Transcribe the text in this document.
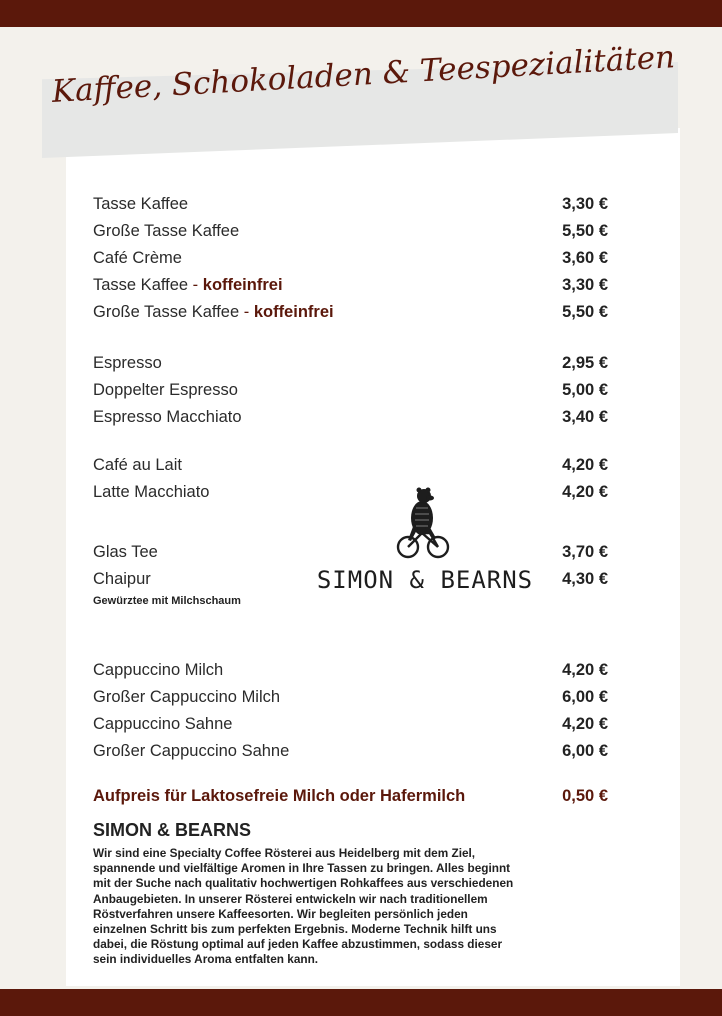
Kaffee, Schokoladen & Teespezialitäten
Tasse Kaffee	3,30 €
Große Tasse Kaffee	5,50 €
Café Crème	3,60 €
Tasse Kaffee - koffeinfrei	3,30 €
Große Tasse Kaffee - koffeinfrei	5,50 €
Espresso	2,95 €
Doppelter Espresso	5,00 €
Espresso Macchiato	3,40 €
Café au Lait	4,20 €
Latte Macchiato	4,20 €
Glas Tee	3,70 €
Chaipur	4,30 €
Gewürztee mit Milchschaum
Cappuccino Milch	4,20 €
Großer Cappuccino Milch	6,00 €
Cappuccino Sahne	4,20 €
Großer Cappuccino Sahne	6,00 €
Aufpreis für Laktosefreie Milch oder Hafermilch	0,50 €
SIMON & BEARNS
SIMON & BEARNS
Wir sind eine Specialty Coffee Rösterei aus Heidelberg mit dem Ziel,
spannende und vielfältige Aromen in Ihre Tassen zu bringen. Alles beginnt
mit der Suche nach qualitativ hochwertigen Rohkaffees aus verschiedenen
Anbaugebieten. In unserer Rösterei entwickeln wir nach traditionellem
Röstverfahren unsere Kaffeesorten. Wir begleiten persönlich jeden
einzelnen Schritt bis zum perfekten Ergebnis. Moderne Technik hilft uns
dabei, die Röstung optimal auf jeden Kaffee abzustimmen, sodass dieser
sein individuelles Aroma entfalten kann.
